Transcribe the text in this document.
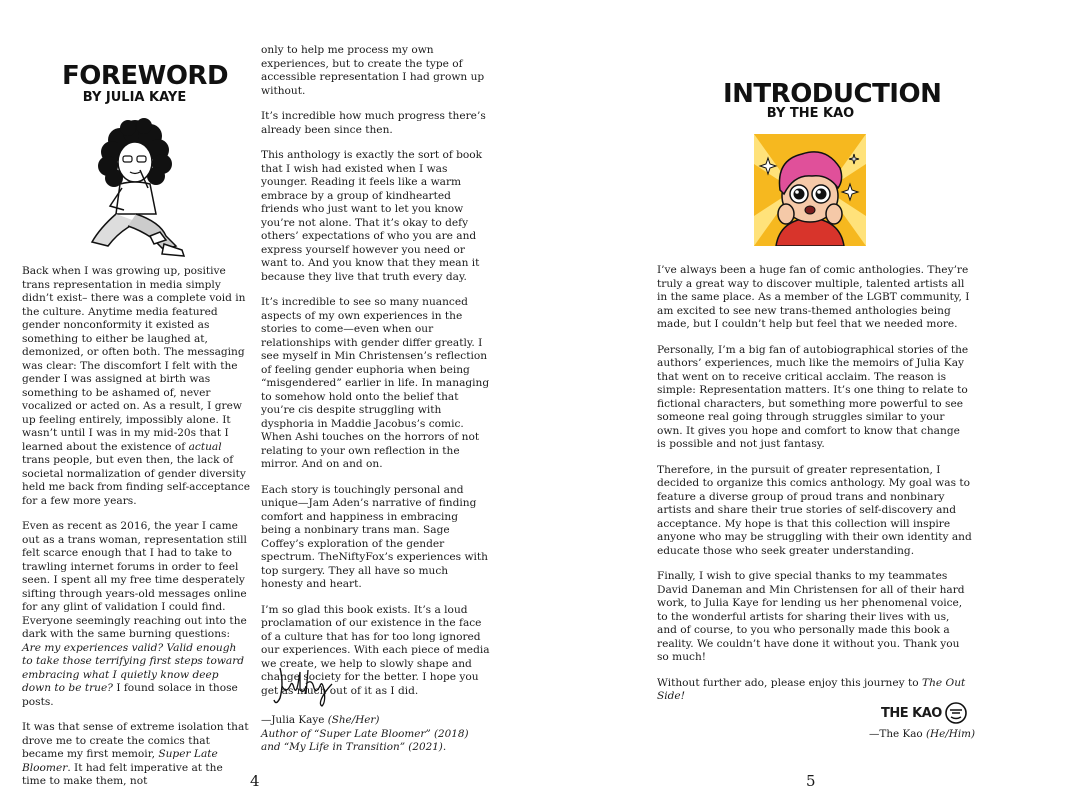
FOREWORD
BY JULIA KAYE

Back when I was growing up, positive trans representation in media simply didn’t exist– there was a complete void in the culture. Anytime media featured gender nonconformity it existed as something to either be laughed at, demonized, or often both. The messaging was clear: The discomfort I felt with the gender I was assigned at birth was something to be ashamed of, never vocalized or acted on. As a result, I grew up feeling entirely, impossibly alone. It wasn’t until I was in my mid-20s that I learned about the existence of actual trans people, but even then, the lack of societal normalization of gender diversity held me back from finding self-acceptance for a few more years.

Even as recent as 2016, the year I came out as a trans woman, representation still felt scarce enough that I had to take to trawling internet forums in order to feel seen. I spent all my free time desperately sifting through years-old messages online for any glint of validation I could find. Everyone seemingly reaching out into the dark with the same burning questions: Are my experiences valid? Valid enough to take those terrifying first steps toward embracing what I quietly know deep down to be true? I found solace in those posts.

It was that sense of extreme isolation that drove me to create the comics that became my first memoir, Super Late Bloomer. It had felt imperative at the time to make them, not

only to help me process my own experiences, but to create the type of accessible representation I had grown up without.

It’s incredible how much progress there’s already been since then.

This anthology is exactly the sort of book that I wish had existed when I was younger. Reading it feels like a warm embrace by a group of kindhearted friends who just want to let you know you’re not alone. That it’s okay to defy others’ expectations of who you are and express yourself however you need or want to. And you know that they mean it because they live that truth every day.

It’s incredible to see so many nuanced aspects of my own experiences in the stories to come—even when our relationships with gender differ greatly. I see myself in Min Christensen’s reflection of feeling gender euphoria when being “misgendered” earlier in life. In managing to somehow hold onto the belief that you’re cis despite struggling with dysphoria in Maddie Jacobus’s comic. When Ashi touches on the horrors of not relating to your own reflection in the mirror. And on and on.

Each story is touchingly personal and unique—Jam Aden’s narrative of finding comfort and happiness in embracing being a nonbinary trans man. Sage Coffey’s exploration of the gender spectrum. TheNiftyFox’s experiences with top surgery. They all have so much honesty and heart.

I’m so glad this book exists. It’s a loud proclamation of our existence in the face of a culture that has for too long ignored our experiences. With each piece of media we create, we help to slowly shape and change society for the better. I hope you get as much out of it as I did.

—Julia Kaye (She/Her)
Author of “Super Late Bloomer” (2018)
and “My Life in Transition” (2021).
4
INTRODUCTION
BY THE KAO

I’ve always been a huge fan of comic anthologies. They’re truly a great way to discover multiple, talented artists all in the same place. As a member of the LGBT community, I am excited to see new trans-themed anthologies being made, but I couldn’t help but feel that we needed more.

Personally, I’m a big fan of autobiographical stories of the authors’ experiences, much like the memoirs of Julia Kay that went on to receive critical acclaim. The reason is simple: Representation matters. It’s one thing to relate to fictional characters, but something more powerful to see someone real going through struggles similar to your own. It gives you hope and comfort to know that change is possible and not just fantasy.

Therefore, in the pursuit of greater representation, I decided to organize this comics anthology. My goal was to feature a diverse group of proud trans and nonbinary artists and share their true stories of self-discovery and acceptance. My hope is that this collection will inspire anyone who may be struggling with their own identity and educate those who seek greater understanding.

Finally, I wish to give special thanks to my teammates David Daneman and Min Christensen for all of their hard work, to Julia Kaye for lending us her phenomenal voice, to the wonderful artists for sharing their lives with us, and of course, to you who personally made this book a reality. We couldn’t have done it without you. Thank you so much!

Without further ado, please enjoy this journey to The Out Side!

THE KAO
—The Kao (He/Him)
5
